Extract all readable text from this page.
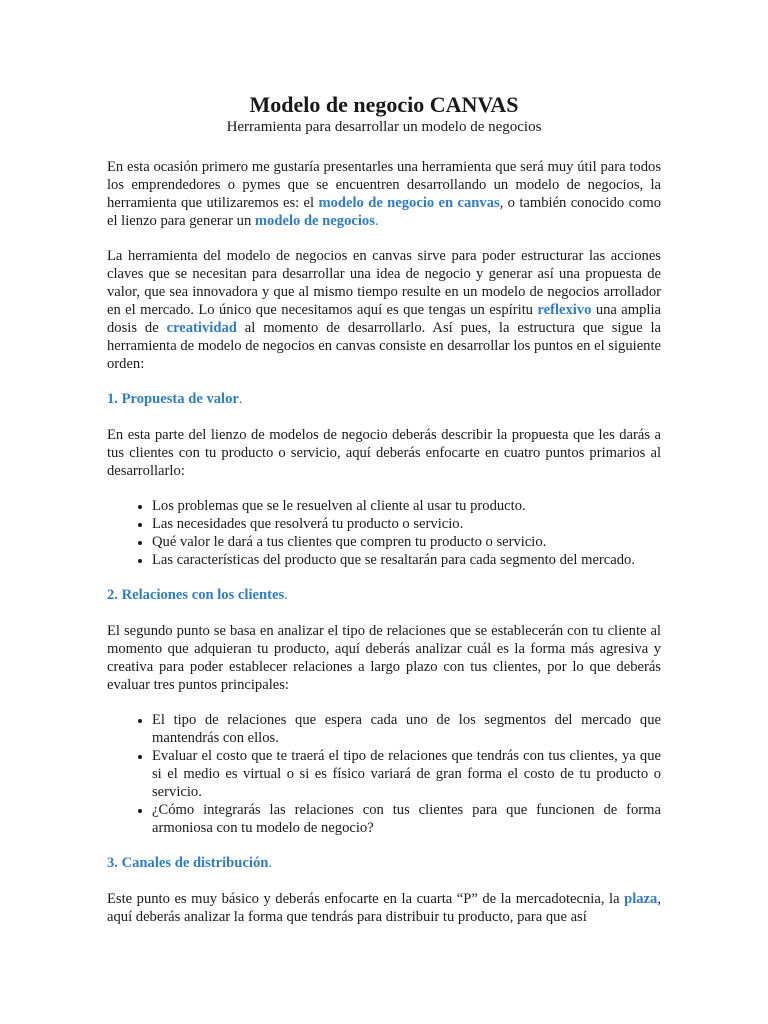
Modelo de negocio CANVAS
Herramienta para desarrollar un modelo de negocios

En esta ocasión primero me gustaría presentarles una herramienta que será muy útil para todos los emprendedores o pymes que se encuentren desarrollando un modelo de negocios, la herramienta que utilizaremos es: el modelo de negocio en canvas, o también conocido como el lienzo para generar un modelo de negocios.

La herramienta del modelo de negocios en canvas sirve para poder estructurar las acciones claves que se necesitan para desarrollar una idea de negocio y generar así una propuesta de valor, que sea innovadora y que al mismo tiempo resulte en un modelo de negocios arrollador en el mercado. Lo único que necesitamos aquí es que tengas un espíritu reflexivo una amplia dosis de creatividad al momento de desarrollarlo. Así pues, la estructura que sigue la herramienta de modelo de negocios en canvas consiste en desarrollar los puntos en el siguiente orden:

1. Propuesta de valor.

En esta parte del lienzo de modelos de negocio deberás describir la propuesta que les darás a tus clientes con tu producto o servicio, aquí deberás enfocarte en cuatro puntos primarios al desarrollarlo:

• Los problemas que se le resuelven al cliente al usar tu producto.
• Las necesidades que resolverá tu producto o servicio.
• Qué valor le dará a tus clientes que compren tu producto o servicio.
• Las características del producto que se resaltarán para cada segmento del mercado.
2. Relaciones con los clientes.

El segundo punto se basa en analizar el tipo de relaciones que se establecerán con tu cliente al momento que adquieran tu producto, aquí deberás analizar cuál es la forma más agresiva y creativa para poder establecer relaciones a largo plazo con tus clientes, por lo que deberás evaluar tres puntos principales:

• El tipo de relaciones que espera cada uno de los segmentos del mercado que mantendrás con ellos.
• Evaluar el costo que te traerá el tipo de relaciones que tendrás con tus clientes, ya que si el medio es virtual o si es físico variará de gran forma el costo de tu producto o servicio.
• ¿Cómo integrarás las relaciones con tus clientes para que funcionen de forma armoniosa con tu modelo de negocio?
3. Canales de distribución.

Este punto es muy básico y deberás enfocarte en la cuarta “P” de la mercadotecnia, la plaza, aquí deberás analizar la forma que tendrás para distribuir tu producto, para que así
